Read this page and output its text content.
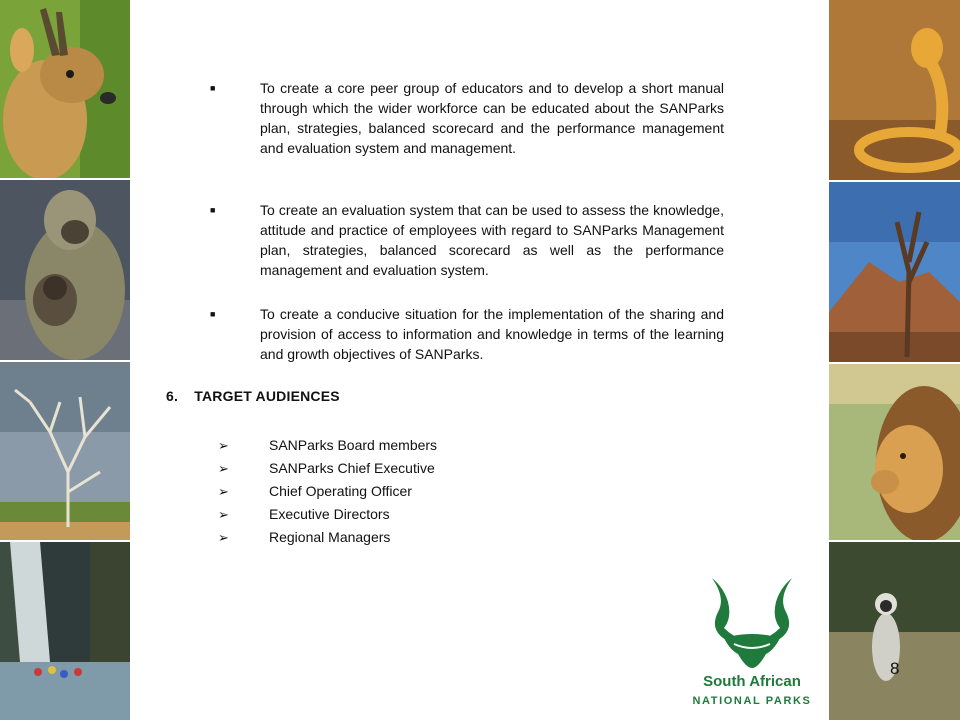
■	To create a core peer group of educators and to develop a short manual through which the wider workforce can be educated about the SANParks plan, strategies, balanced scorecard and the performance management and evaluation system and management.

■	To create an evaluation system that can be used to assess the knowledge, attitude and practice of employees with regard to SANParks Management plan, strategies, balanced scorecard as well as the performance management and evaluation system.

■	To create a conducive situation for the implementation of the sharing and provision of access to information and knowledge in terms of the learning and growth objectives of SANParks.

6. TARGET AUDIENCES
➢	SANParks Board members
➢	SANParks Chief Executive
➢	Chief Operating Officer
➢	Executive Directors
➢	Regional Managers
South African
NATIONAL PARKS
8
